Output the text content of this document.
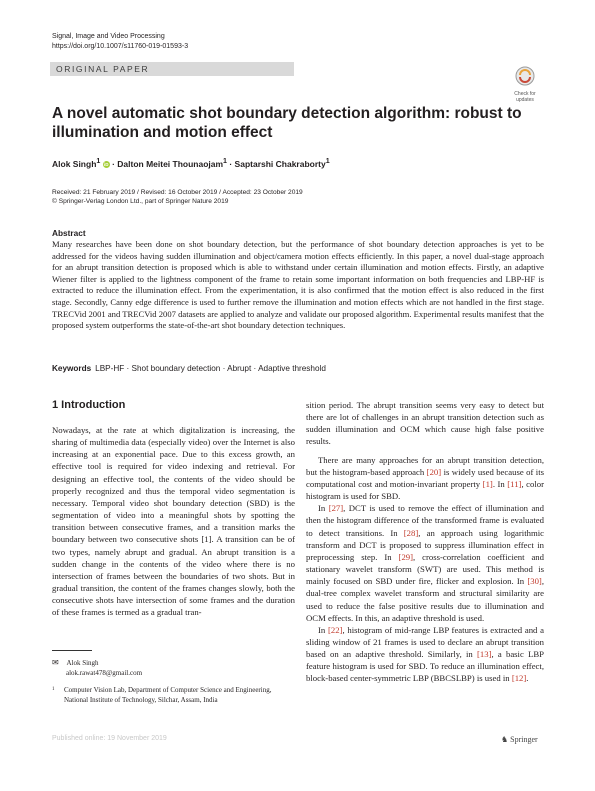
Signal, Image and Video Processing
https://doi.org/10.1007/s11760-019-01593-3
ORIGINAL PAPER
Check for
updates
A novel automatic shot boundary detection algorithm: robust to illumination and motion effect
Alok Singh$^1$ iD · Dalton Meitei Thounaojam$^1$ · Saptarshi Chakraborty$^1$
Received: 21 February 2019 / Revised: 16 October 2019 / Accepted: 23 October 2019
© Springer-Verlag London Ltd., part of Springer Nature 2019
Abstract
Many researches have been done on shot boundary detection, but the performance of shot boundary detection approaches is yet to be addressed for the videos having sudden illumination and object/camera motion effects efficiently. In this paper, a novel dual-stage approach for an abrupt transition detection is proposed which is able to withstand under certain illumination and motion effects. Firstly, an adaptive Wiener filter is applied to the lightness component of the frame to retain some important information on both frequencies and LBP-HF is extracted to reduce the illumination effect. From the experimentation, it is also confirmed that the motion effect is also reduced in the first stage. Secondly, Canny edge difference is used to further remove the illumination and motion effects which are not handled in the first stage. TRECVid 2001 and TRECVid 2007 datasets are applied to analyze and validate our proposed algorithm. Experimental results manifest that the proposed system outperforms the state-of-the-art shot boundary detection techniques.
Keywords LBP-HF · Shot boundary detection · Abrupt · Adaptive threshold
1 Introduction

Nowadays, at the rate at which digitalization is increasing, the sharing of multimedia data (especially video) over the Internet is also increasing at an exponential pace. Due to this excess growth, an effective tool is required for video indexing and retrieval. For designing an effective tool, the contents of the video should be properly recognized and thus the temporal video segmentation is necessary. Temporal video shot boundary detection (SBD) is the segmentation of video into a meaningful shots by spotting the transition between consecutive frames, and a transition marks the boundary between two consecutive shots [1]. A transition can be of two types, namely abrupt and gradual. An abrupt transition is a sudden change in the contents of the video where there is no intersection of frames between the boundaries of two shots. But in gradual transition, the content of the frames changes slowly, both the consecutive shots have intersection of some frames and the duration of these frames is termed as a gradual tran-

sition period. The abrupt transition seems very easy to detect but there are lot of challenges in an abrupt transition detection such as sudden illumination and OCM which cause high false positive results.

There are many approaches for an abrupt transition detection, but the histogram-based approach [20] is widely used because of its computational cost and motion-invariant property [1]. In [11], color histogram is used for SBD.

In [27], DCT is used to remove the effect of illumination and then the histogram difference of the transformed frame is evaluated to detect transitions. In [28], an approach using logarithmic transform and DCT is proposed to suppress illumination effect in preprocessing step. In [29], cross-correlation coefficient and stationary wavelet transform (SWT) are used. This method is mainly focused on SBD under fire, flicker and explosion. In [30], dual-tree complex wavelet transform and structural similarity are used to reduce the false positive results due to illumination and OCM effects. In this, an adaptive threshold is used.

In [22], histogram of mid-range LBP features is extracted and a sliding window of 21 frames is used to declare an abrupt transition based on an adaptive threshold. Similarly, in [13], a basic LBP feature histogram is used for SBD. To reduce an illumination effect, block-based center-symmetric LBP (BBCSLBP) is used in [12].

✉ Alok Singh
alok.rawat478@gmail.com
1 Computer Vision Lab, Department of Computer Science and Engineering, National Institute of Technology, Silchar, Assam, India
Published online: 19 November 2019	♞ Springer
